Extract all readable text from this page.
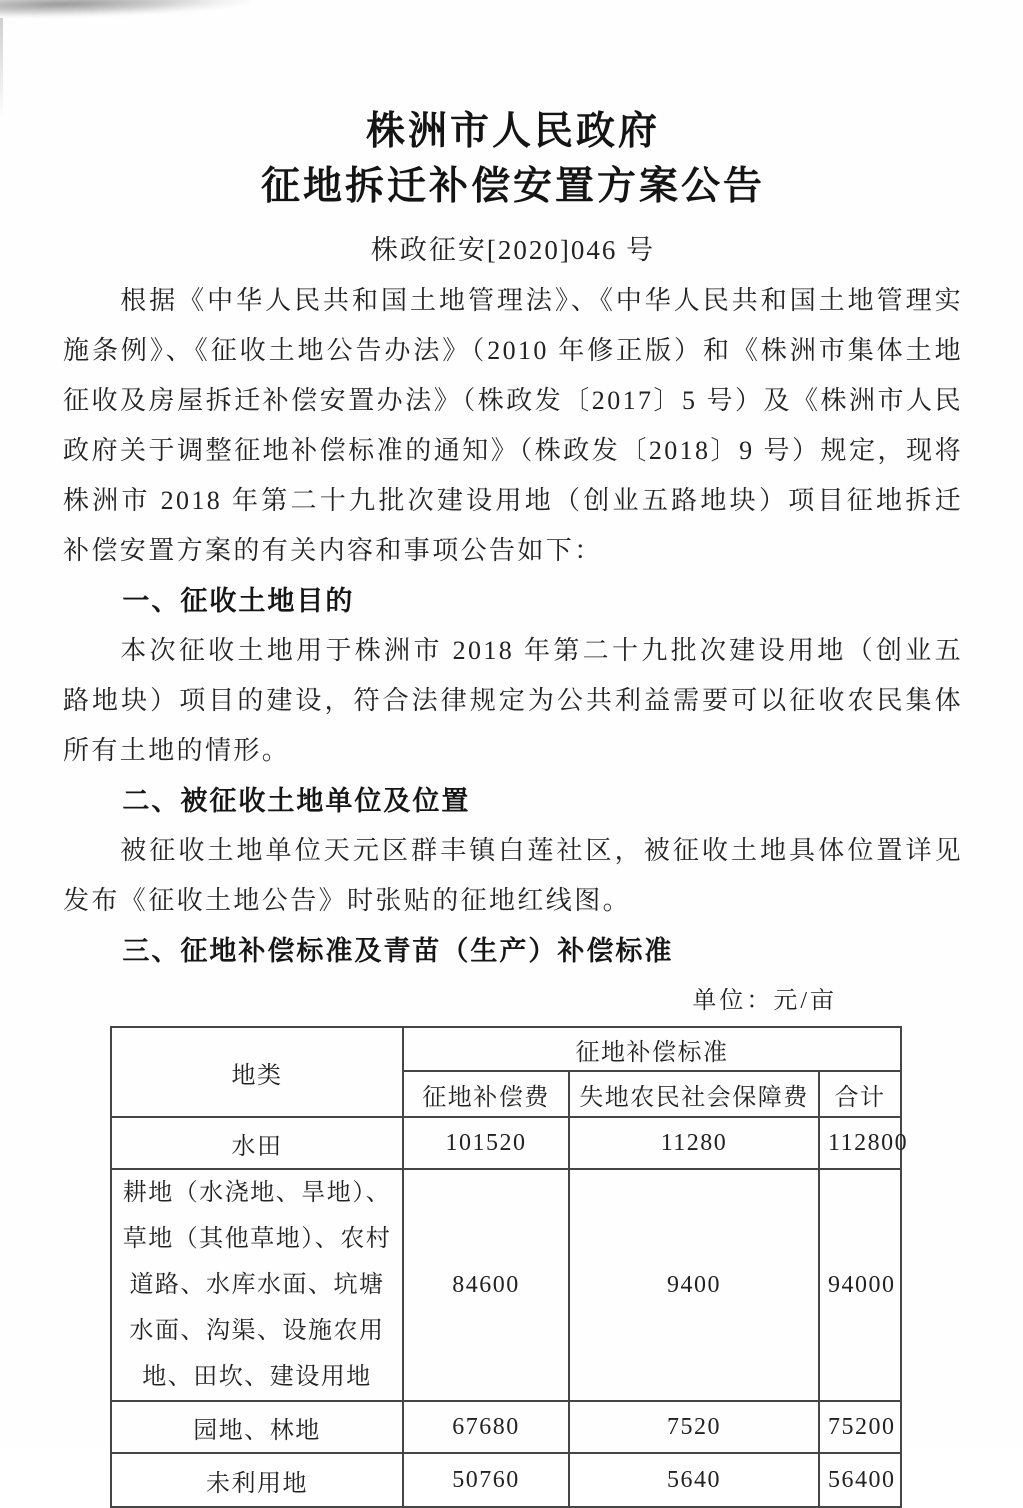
株洲市人民政府
征地拆迁补偿安置方案公告
株政征安[2020]046 号

根据《中华人民共和国土地管理法》、《中华人民共和国土地管理实施条例》、《征收土地公告办法》（2010 年修正版）和《株洲市集体土地征收及房屋拆迁补偿安置办法》（株政发〔2017〕5 号）及《株洲市人民政府关于调整征地补偿标准的通知》（株政发〔2018〕9 号）规定，现将株洲市 2018 年第二十九批次建设用地（创业五路地块）项目征地拆迁补偿安置方案的有关内容和事项公告如下：

一、征收土地目的

本次征收土地用于株洲市 2018 年第二十九批次建设用地（创业五路地块）项目的建设，符合法律规定为公共利益需要可以征收农民集体所有土地的情形。

二、被征收土地单位及位置

被征收土地单位天元区群丰镇白莲社区，被征收土地具体位置详见发布《征收土地公告》时张贴的征地红线图。

三、征地补偿标准及青苗（生产）补偿标准

单位：元/亩
地类	征地补偿标准		
	征地补偿费	失地农民社会保障费	合计
水田	101520	11280	112800
耕地（水浇地、旱地）、草地（其他草地）、农村道路、水库水面、坑塘水面、沟渠、设施农用地、田坎、建设用地	84600	9400	94000
园地、林地	67680	7520	75200
未利用地	50760	5640	56400
